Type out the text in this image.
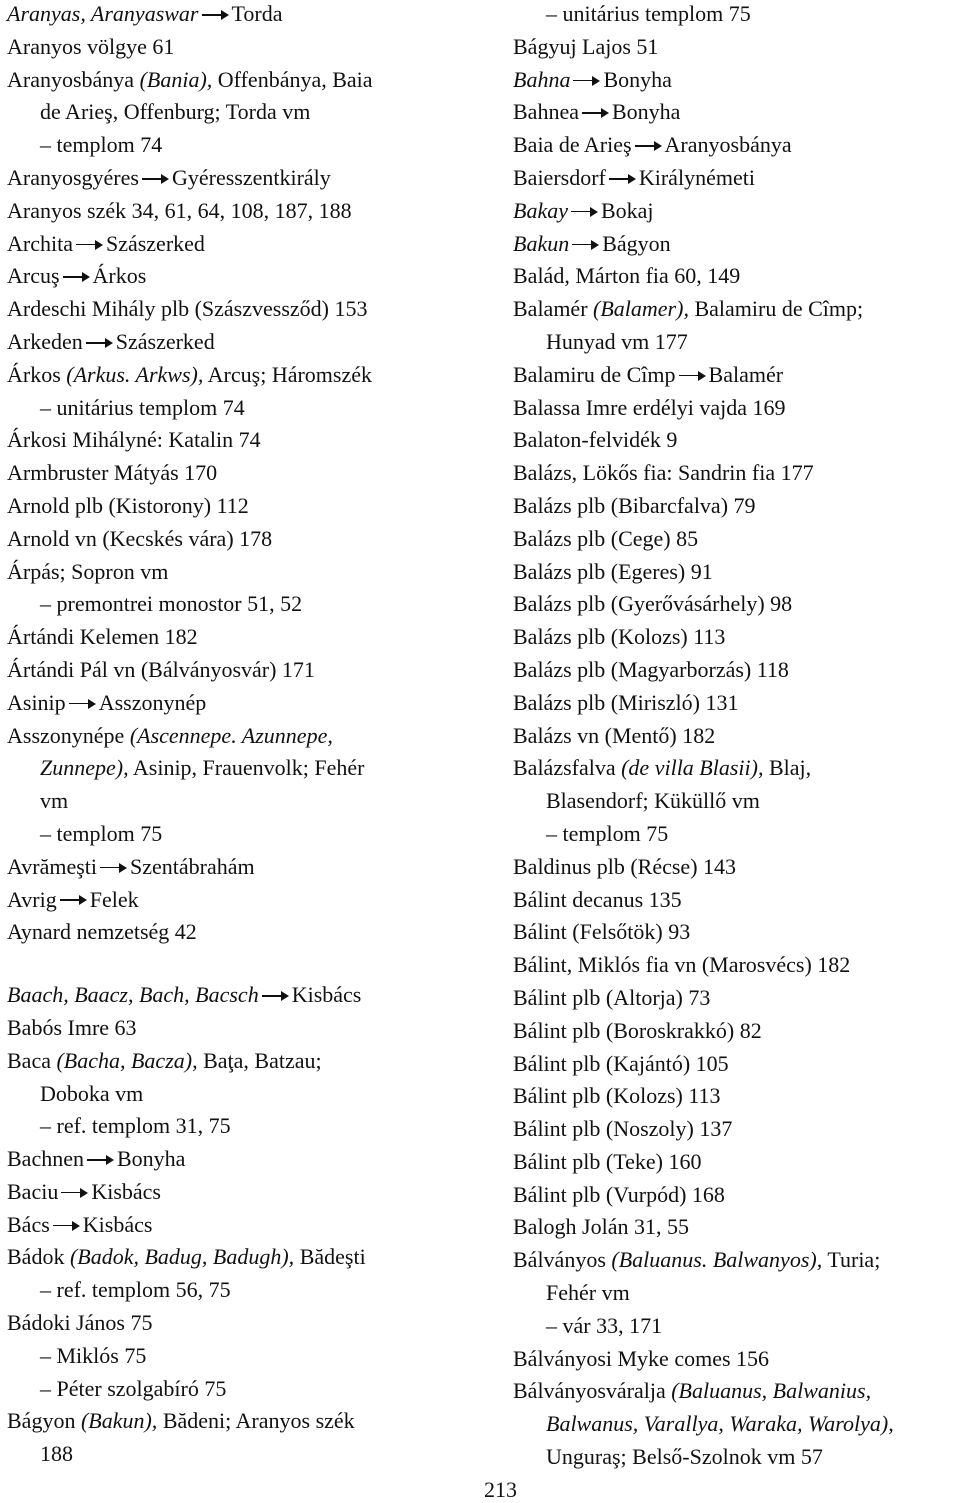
Aranyas, Aranyaswar Torda
Aranyos völgye 61
Aranyosbánya (Bania), Offenbánya, Baia
de Arieş, Offenburg; Torda vm
– templom 74
Aranyosgyéres Gyéresszentkirály
Aranyos szék 34, 61, 64, 108, 187, 188
Archita Szászerked
Arcuş Árkos
Ardeschi Mihály plb (Szászvessződ) 153
Arkeden Szászerked
Árkos (Arkus. Arkws), Arcuş; Háromszék
– unitárius templom 74
Árkosi Mihályné: Katalin 74
Armbruster Mátyás 170
Arnold plb (Kistorony) 112
Arnold vn (Kecskés vára) 178
Árpás; Sopron vm
– premontrei monostor 51, 52
Ártándi Kelemen 182
Ártándi Pál vn (Bálványosvár) 171
Asinip Asszonynép
Asszonynépe (Ascennepe. Azunnepe,
Zunnepe), Asinip, Frauenvolk; Fehér
vm
– templom 75
Avrămeşti Szentábrahám
Avrig Felek
Aynard nemzetség 42
Baach, Baacz, Bach, Bacsch Kisbács
Babós Imre 63
Baca (Bacha, Bacza), Baţa, Batzau;
Doboka vm
– ref. templom 31, 75
Bachnen Bonyha
Baciu Kisbács
Bács Kisbács
Bádok (Badok, Badug, Badugh), Bădeşti
– ref. templom 56, 75
Bádoki János 75
– Miklós 75
– Péter szolgabíró 75
Bágyon (Bakun), Bădeni; Aranyos szék
188
– unitárius templom 75
Bágyuj Lajos 51
Bahna Bonyha
Bahnea Bonyha
Baia de Arieş Aranyosbánya
Baiersdorf Királynémeti
Bakay Bokaj
Bakun Bágyon
Balád, Márton fia 60, 149
Balamér (Balamer), Balamiru de Cîmp;
Hunyad vm 177
Balamiru de Cîmp Balamér
Balassa Imre erdélyi vajda 169
Balaton-felvidék 9
Balázs, Lökős fia: Sandrin fia 177
Balázs plb (Bibarcfalva) 79
Balázs plb (Cege) 85
Balázs plb (Egeres) 91
Balázs plb (Gyerővásárhely) 98
Balázs plb (Kolozs) 113
Balázs plb (Magyarborzás) 118
Balázs plb (Miriszló) 131
Balázs vn (Mentő) 182
Balázsfalva (de villa Blasii), Blaj,
Blasendorf; Küküllő vm
– templom 75
Baldinus plb (Récse) 143
Bálint decanus 135
Bálint (Felsőtök) 93
Bálint, Miklós fia vn (Marosvécs) 182
Bálint plb (Altorja) 73
Bálint plb (Boroskrakkó) 82
Bálint plb (Kajántó) 105
Bálint plb (Kolozs) 113
Bálint plb (Noszoly) 137
Bálint plb (Teke) 160
Bálint plb (Vurpód) 168
Balogh Jolán 31, 55
Bálványos (Baluanus. Balwanyos), Turia;
Fehér vm
– vár 33, 171
Bálványosi Myke comes 156
Bálványosváralja (Baluanus, Balwanius,
Balwanus, Varallya, Waraka, Warolya),
Unguraş; Belső-Szolnok vm 57
213
